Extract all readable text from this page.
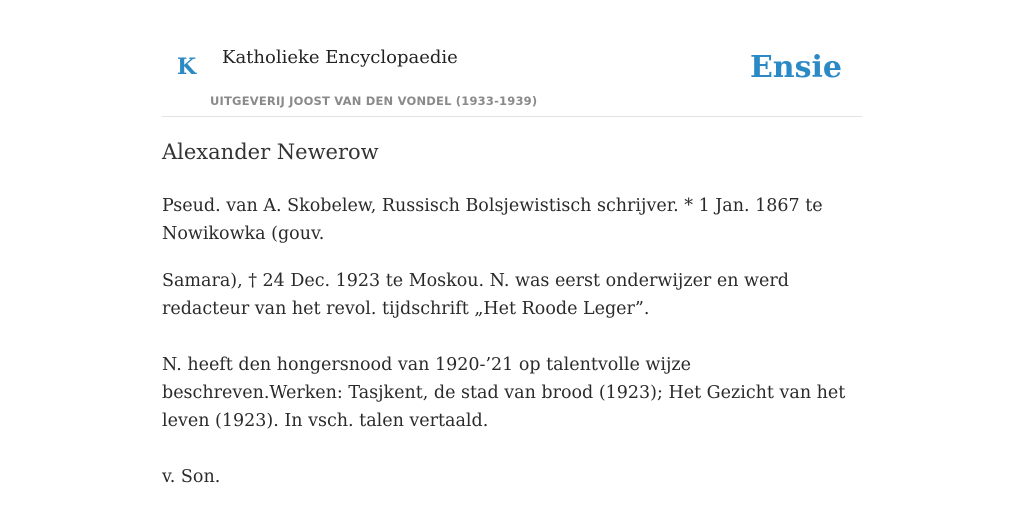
K Katholieke Encyclopaedie
UITGEVERIJ JOOST VAN DEN VONDEL (1933-1939)
Ensie
Alexander Newerow

Pseud. van A. Skobelew, Russisch Bolsjewistisch schrijver. * 1 Jan. 1867 te Nowikowka (gouv.

Samara), † 24 Dec. 1923 te Moskou. N. was eerst onderwijzer en werd redacteur van het revol. tijdschrift „Het Roode Leger”.

N. heeft den hongersnood van 1920-’21 op talentvolle wijze beschreven.Werken: Tasjkent, de stad van brood (1923); Het Gezicht van het leven (1923). In vsch. talen vertaald.

v. Son.
